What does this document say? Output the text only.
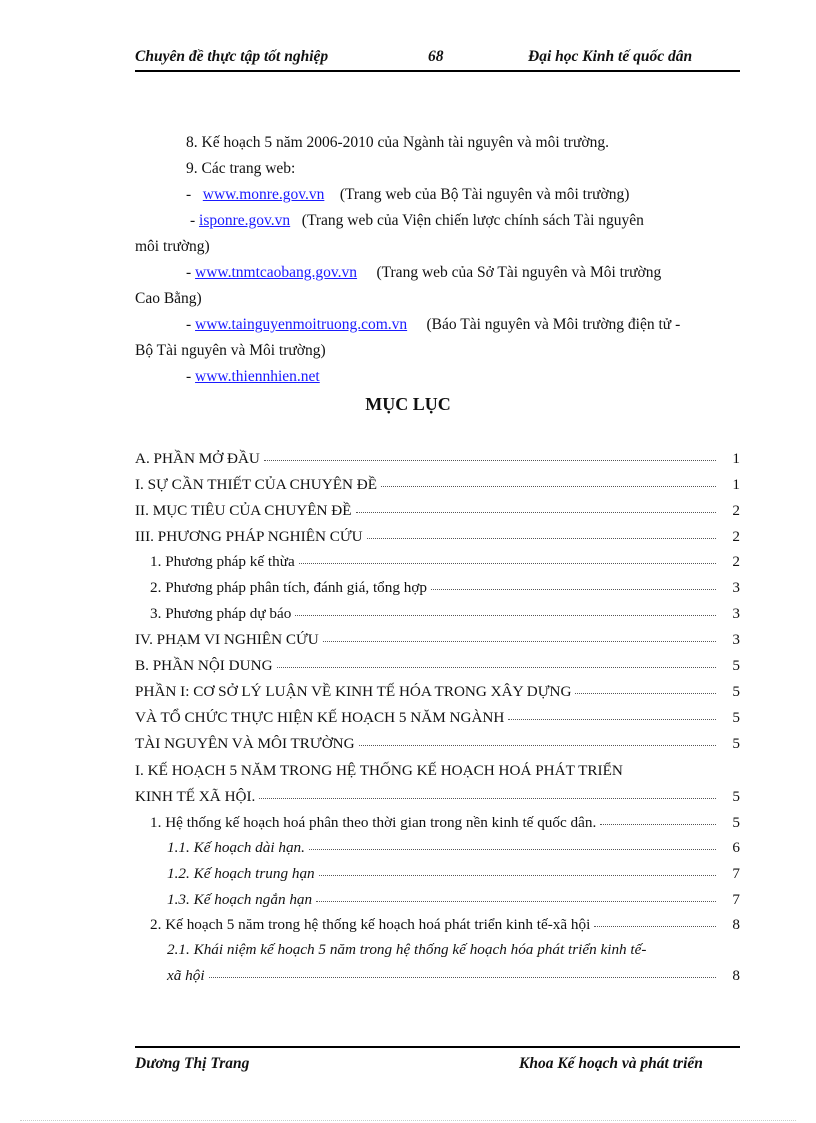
Chuyên đề thực tập tốt nghiệp	68	Đại học Kinh tế quốc dân
8. Kế hoạch 5 năm 2006-2010 của Ngành tài nguyên và môi trường.
9. Các trang web:
- www.monre.gov.vn    (Trang web của Bộ Tài nguyên và môi trường)
- isponre.gov.vn   (Trang web của Viện chiến lược chính sách Tài nguyên
môi trường)
- www.tnmtcaobang.gov.vn     (Trang web của Sở Tài nguyên và Môi trường
Cao Bằng)
- www.tainguyenmoitruong.com.vn     (Báo Tài nguyên và Môi trường điện tử -
Bộ Tài nguyên và Môi trường)
- www.thiennhien.net
MỤC LỤC
A. PHẦN MỞ ĐẦU	1
I. SỰ CẦN THIẾT CỦA CHUYÊN ĐỀ	1
II. MỤC TIÊU CỦA CHUYÊN ĐỀ	2
III. PHƯƠNG PHÁP NGHIÊN CỨU	2
1. Phương pháp kế thừa	2
2. Phương pháp phân tích, đánh giá, tổng hợp	3
3. Phương pháp dự báo	3
IV. PHẠM VI NGHIÊN CỨU	3
B. PHẦN NỘI DUNG	5
PHẦN I: CƠ SỞ LÝ LUẬN VỀ KINH TẾ HÓA TRONG XÂY DỰNG	5
VÀ TỔ CHỨC THỰC HIỆN KẾ HOẠCH 5 NĂM NGÀNH	5
TÀI NGUYÊN VÀ MÔI TRƯỜNG	5
I. KẾ HOẠCH 5 NĂM TRONG HỆ THỐNG KẾ HOẠCH HOÁ PHÁT TRIỂN
KINH TẾ XÃ HỘI.	5
1. Hệ thống kế hoạch hoá phân theo thời gian trong nền kinh tế quốc dân.	5
1.1. Kế hoạch dài hạn.	6
1.2. Kế hoạch trung hạn	7
1.3. Kế hoạch ngắn hạn	7
2. Kế hoạch 5 năm trong hệ thống kế hoạch hoá phát triển kinh tế-xã hội	8
2.1. Khái niệm kế hoạch 5 năm trong hệ thống kế hoạch hóa phát triển kinh tế-
xã hội	8
Dương Thị Trang	Khoa Kế hoạch và phát triển
